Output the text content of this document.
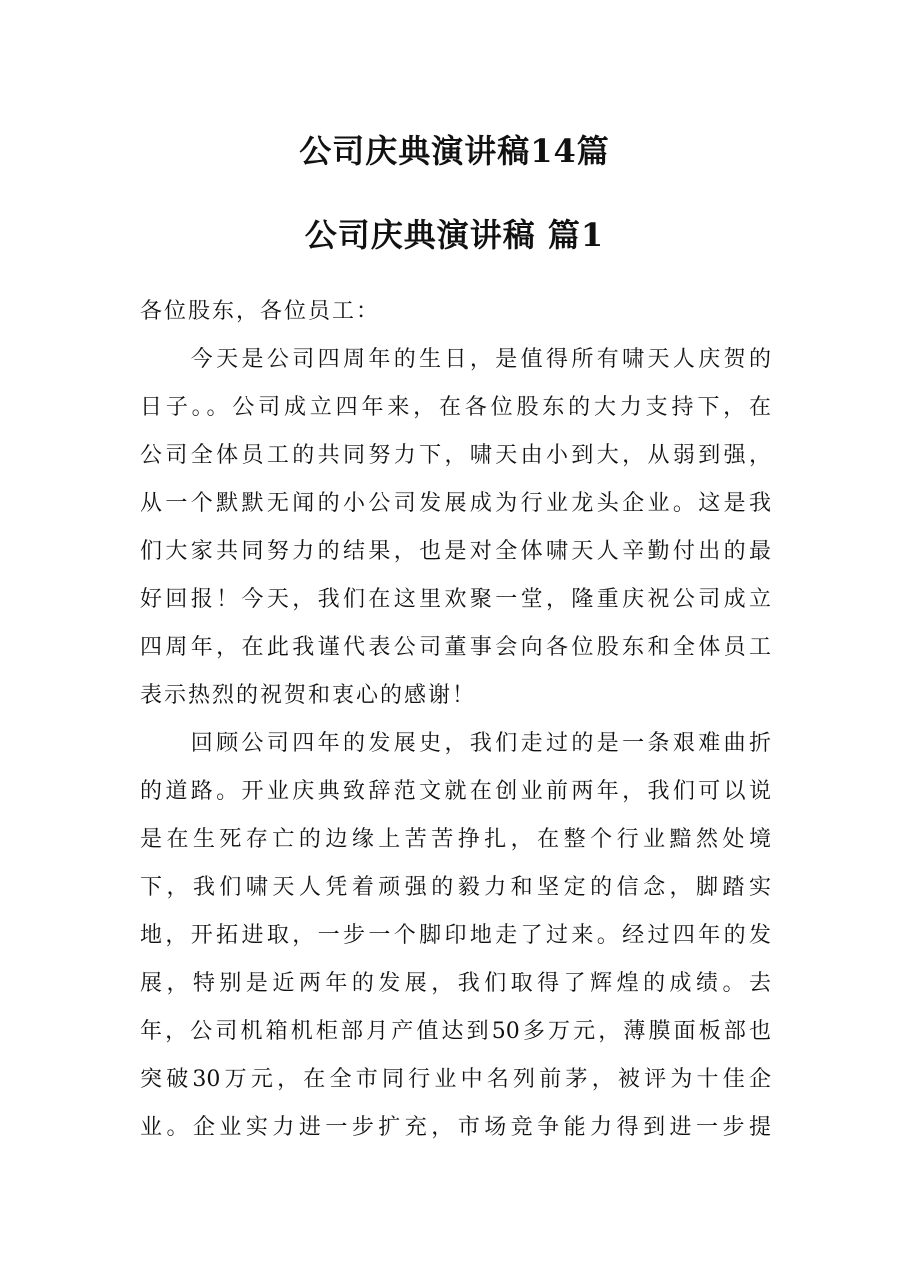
公司庆典演讲稿14篇
公司庆典演讲稿 篇1
各位股东，各位员工：
　　今天是公司四周年的生日，是值得所有啸天人庆贺的
日子。。公司成立四年来，在各位股东的大力支持下，在
公司全体员工的共同努力下，啸天由小到大，从弱到强，
从一个默默无闻的小公司发展成为行业龙头企业。这是我
们大家共同努力的结果，也是对全体啸天人辛勤付出的最
好回报！今天，我们在这里欢聚一堂，隆重庆祝公司成立
四周年，在此我谨代表公司董事会向各位股东和全体员工
表示热烈的祝贺和衷心的感谢！
　　回顾公司四年的发展史，我们走过的是一条艰难曲折
的道路。开业庆典致辞范文就在创业前两年，我们可以说
是在生死存亡的边缘上苦苦挣扎，在整个行业黯然处境
下，我们啸天人凭着顽强的毅力和坚定的信念，脚踏实
地，开拓进取，一步一个脚印地走了过来。经过四年的发
展，特别是近两年的发展，我们取得了辉煌的成绩。去
年，公司机箱机柜部月产值达到50多万元，薄膜面板部也
突破30万元，在全市同行业中名列前茅，被评为十佳企
业。企业实力进一步扩充，市场竞争能力得到进一步提
